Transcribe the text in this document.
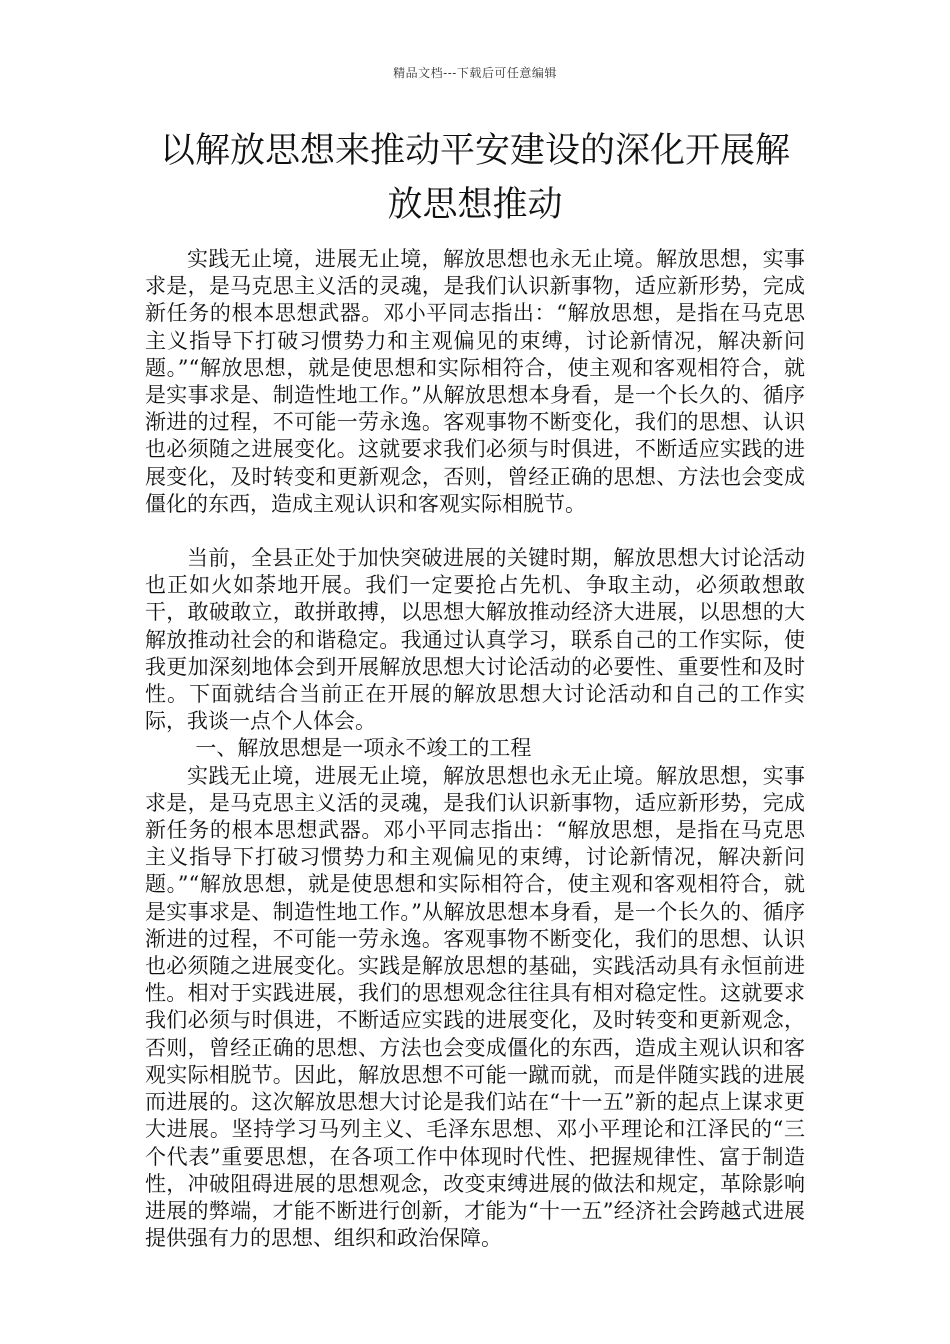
精品文档---下载后可任意编辑
以解放思想来推动平安建设的深化开展解
放思想推动

实践无止境，进展无止境，解放思想也永无止境。解放思想，实事求是，是马克思主义活的灵魂，是我们认识新事物，适应新形势，完成新任务的根本思想武器。邓小平同志指出：“解放思想，是指在马克思主义指导下打破习惯势力和主观偏见的束缚，讨论新情况，解决新问题。”“解放思想，就是使思想和实际相符合，使主观和客观相符合，就是实事求是、制造性地工作。”从解放思想本身看，是一个长久的、循序渐进的过程，不可能一劳永逸。客观事物不断变化，我们的思想、认识也必须随之进展变化。这就要求我们必须与时俱进，不断适应实践的进展变化，及时转变和更新观念，否则，曾经正确的思想、方法也会变成僵化的东西，造成主观认识和客观实际相脱节。

当前，全县正处于加快突破进展的关键时期，解放思想大讨论活动也正如火如荼地开展。我们一定要抢占先机、争取主动，必须敢想敢干，敢破敢立，敢拼敢搏，以思想大解放推动经济大进展，以思想的大解放推动社会的和谐稳定。我通过认真学习，联系自己的工作实际，使我更加深刻地体会到开展解放思想大讨论活动的必要性、重要性和及时性。下面就结合当前正在开展的解放思想大讨论活动和自己的工作实际，我谈一点个人体会。

一、解放思想是一项永不竣工的工程

实践无止境，进展无止境，解放思想也永无止境。解放思想，实事求是，是马克思主义活的灵魂，是我们认识新事物，适应新形势，完成新任务的根本思想武器。邓小平同志指出：“解放思想，是指在马克思主义指导下打破习惯势力和主观偏见的束缚，讨论新情况，解决新问题。”“解放思想，就是使思想和实际相符合，使主观和客观相符合，就是实事求是、制造性地工作。”从解放思想本身看，是一个长久的、循序渐进的过程，不可能一劳永逸。客观事物不断变化，我们的思想、认识也必须随之进展变化。实践是解放思想的基础，实践活动具有永恒前进性。相对于实践进展，我们的思想观念往往具有相对稳定性。这就要求我们必须与时俱进，不断适应实践的进展变化，及时转变和更新观念，否则，曾经正确的思想、方法也会变成僵化的东西，造成主观认识和客观实际相脱节。因此，解放思想不可能一蹴而就，而是伴随实践的进展而进展的。这次解放思想大讨论是我们站在“十一五”新的起点上谋求更大进展。坚持学习马列主义、毛泽东思想、邓小平理论和江泽民的“三个代表”重要思想，在各项工作中体现时代性、把握规律性、富于制造性，冲破阻碍进展的思想观念，改变束缚进展的做法和规定，革除影响进展的弊端，才能不断进行创新，才能为“十一五”经济社会跨越式进展提供强有力的思想、组织和政治保障。
